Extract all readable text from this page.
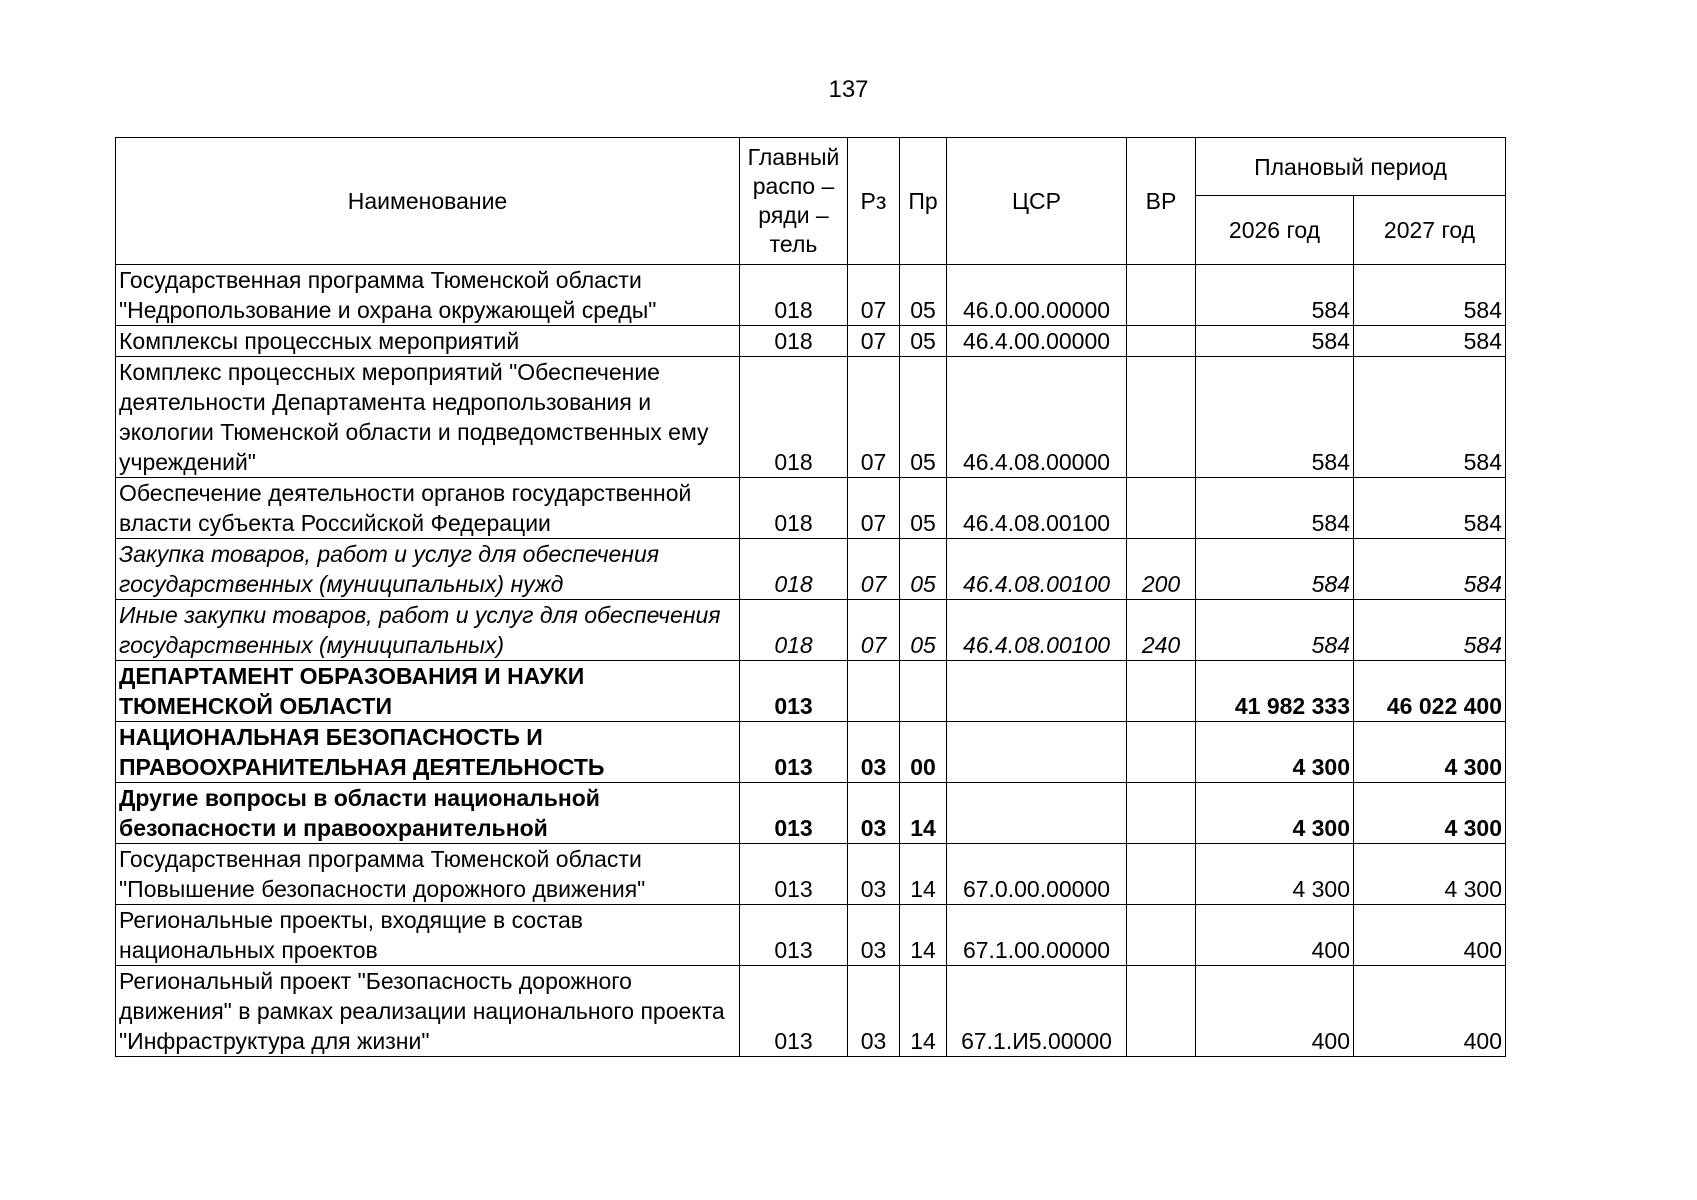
137
Наименование	Главный распо – ряди – тель	Рз	Пр	ЦСР	ВР	Плановый период	
						2026 год	2027 год
Государственная программа Тюменской области "Недропользование и охрана окружающей среды"	018	07	05	46.0.00.00000		584	584
Комплексы процессных мероприятий	018	07	05	46.4.00.00000		584	584
Комплекс процессных мероприятий "Обеспечение деятельности Департамента недропользования и экологии Тюменской области и подведомственных ему учреждений"	018	07	05	46.4.08.00000		584	584
Обеспечение деятельности органов государственной власти субъекта Российской Федерации	018	07	05	46.4.08.00100		584	584
Закупка товаров, работ и услуг для обеспечения государственных (муниципальных) нужд	018	07	05	46.4.08.00100	200	584	584
Иные закупки товаров, работ и услуг для обеспечения государственных (муниципальных)	018	07	05	46.4.08.00100	240	584	584
ДЕПАРТАМЕНТ ОБРАЗОВАНИЯ И НАУКИ ТЮМЕНСКОЙ ОБЛАСТИ	013					41 982 333	46 022 400
НАЦИОНАЛЬНАЯ БЕЗОПАСНОСТЬ И ПРАВООХРАНИТЕЛЬНАЯ ДЕЯТЕЛЬНОСТЬ	013	03	00			4 300	4 300
Другие вопросы в области национальной безопасности и правоохранительной	013	03	14			4 300	4 300
Государственная программа Тюменской области "Повышение безопасности дорожного движения"	013	03	14	67.0.00.00000		4 300	4 300
Региональные проекты, входящие в состав национальных проектов	013	03	14	67.1.00.00000		400	400
Региональный проект "Безопасность дорожного движения" в рамках реализации национального проекта "Инфраструктура для жизни"	013	03	14	67.1.И5.00000		400	400
